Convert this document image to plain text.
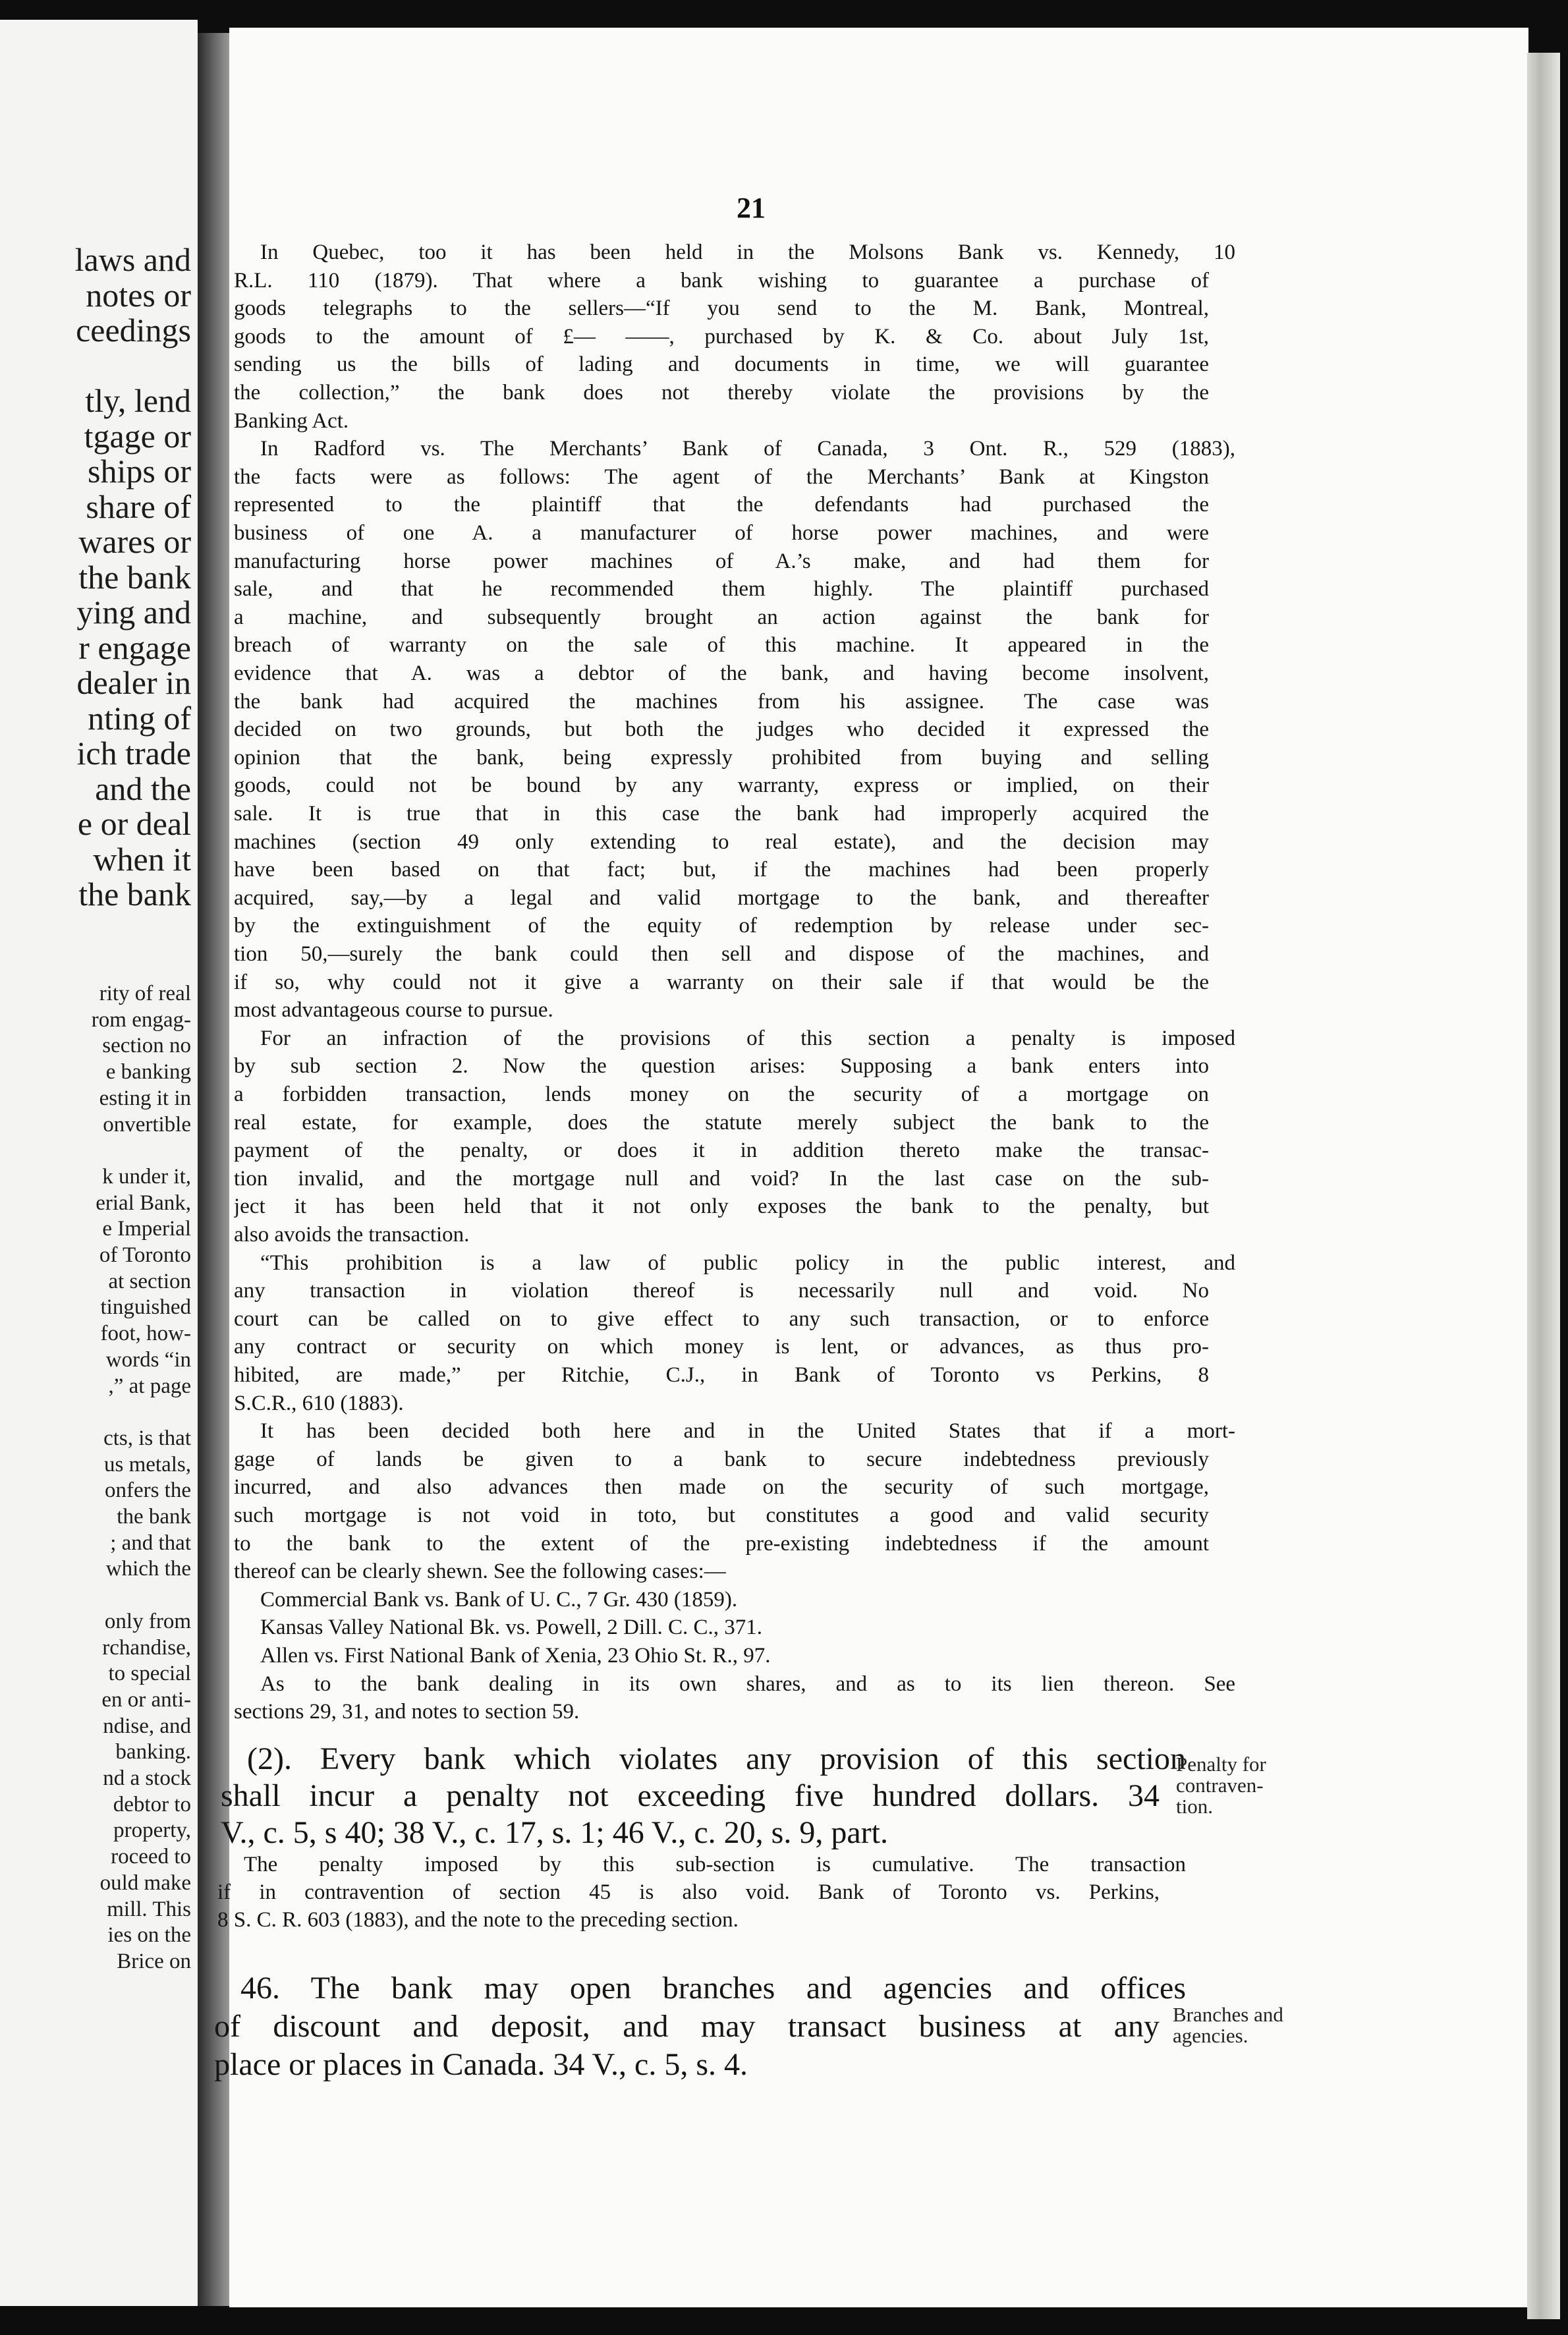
laws and
notes or
ceedings
tly, lend
tgage or
ships or
share of
wares or
the bank
ying and
r engage
dealer in
nting of
ich trade
and the
e or deal
when it
the bank
rity of real
rom engag-
section no
e banking
esting it in
onvertible
k under it,
erial Bank,
e Imperial
of Toronto
at section
tinguished
foot, how-
words “in
,” at page
cts, is that
us metals,
onfers the
the bank
; and that
which the
only from
rchandise,
to special
en or anti-
ndise, and
banking.
nd a stock
debtor to
property,
roceed to
ould make
mill. This
ies on the
Brice on
21
In Quebec, too it has been held in the Molsons Bank vs. Kennedy, 10
R.L. 110 (1879). That where a bank wishing to guarantee a purchase of
goods telegraphs to the sellers—“If you send to the M. Bank, Montreal,
goods to the amount of £— ——, purchased by K. & Co. about July 1st,
sending us the bills of lading and documents in time, we will guarantee
the collection,” the bank does not thereby violate the provisions by the
Banking Act.
In Radford vs. The Merchants’ Bank of Canada, 3 Ont. R., 529 (1883),
the facts were as follows: The agent of the Merchants’ Bank at Kingston
represented to the plaintiff that the defendants had purchased the
business of one A. a manufacturer of horse power machines, and were
manufacturing horse power machines of A.’s make, and had them for
sale, and that he recommended them highly. The plaintiff purchased
a machine, and subsequently brought an action against the bank for
breach of warranty on the sale of this machine. It appeared in the
evidence that A. was a debtor of the bank, and having become insolvent,
the bank had acquired the machines from his assignee. The case was
decided on two grounds, but both the judges who decided it expressed the
opinion that the bank, being expressly prohibited from buying and selling
goods, could not be bound by any warranty, express or implied, on their
sale. It is true that in this case the bank had improperly acquired the
machines (section 49 only extending to real estate), and the decision may
have been based on that fact; but, if the machines had been properly
acquired, say,—by a legal and valid mortgage to the bank, and thereafter
by the extinguishment of the equity of redemption by release under sec-
tion 50,—surely the bank could then sell and dispose of the machines, and
if so, why could not it give a warranty on their sale if that would be the
most advantageous course to pursue.
For an infraction of the provisions of this section a penalty is imposed
by sub section 2. Now the question arises: Supposing a bank enters into
a forbidden transaction, lends money on the security of a mortgage on
real estate, for example, does the statute merely subject the bank to the
payment of the penalty, or does it in addition thereto make the transac-
tion invalid, and the mortgage null and void? In the last case on the sub-
ject it has been held that it not only exposes the bank to the penalty, but
also avoids the transaction.
“This prohibition is a law of public policy in the public interest, and
any transaction in violation thereof is necessarily null and void. No
court can be called on to give effect to any such transaction, or to enforce
any contract or security on which money is lent, or advances, as thus pro-
hibited, are made,” per Ritchie, C.J., in Bank of Toronto vs Perkins, 8
S.C.R., 610 (1883).
It has been decided both here and in the United States that if a mort-
gage of lands be given to a bank to secure indebtedness previously
incurred, and also advances then made on the security of such mortgage,
such mortgage is not void in toto, but constitutes a good and valid security
to the bank to the extent of the pre-existing indebtedness if the amount
thereof can be clearly shewn. See the following cases:—
Commercial Bank vs. Bank of U. C., 7 Gr. 430 (1859).
Kansas Valley National Bk. vs. Powell, 2 Dill. C. C., 371.
Allen vs. First National Bank of Xenia, 23 Ohio St. R., 97.
As to the bank dealing in its own shares, and as to its lien thereon. See
sections 29, 31, and notes to section 59.
(2). Every bank which violates any provision of this section
shall incur a penalty not exceeding five hundred dollars. 34
V., c. 5, s 40; 38 V., c. 17, s. 1; 46 V., c. 20, s. 9, part.
The penalty imposed by this sub-section is cumulative. The transaction
if in contravention of section 45 is also void. Bank of Toronto vs. Perkins,
8 S. C. R. 603 (1883), and the note to the preceding section.
46. The bank may open branches and agencies and offices
of discount and deposit, and may transact business at any
place or places in Canada. 34 V., c. 5, s. 4.
Penalty for
contraven-
tion.
Branches and
agencies.
